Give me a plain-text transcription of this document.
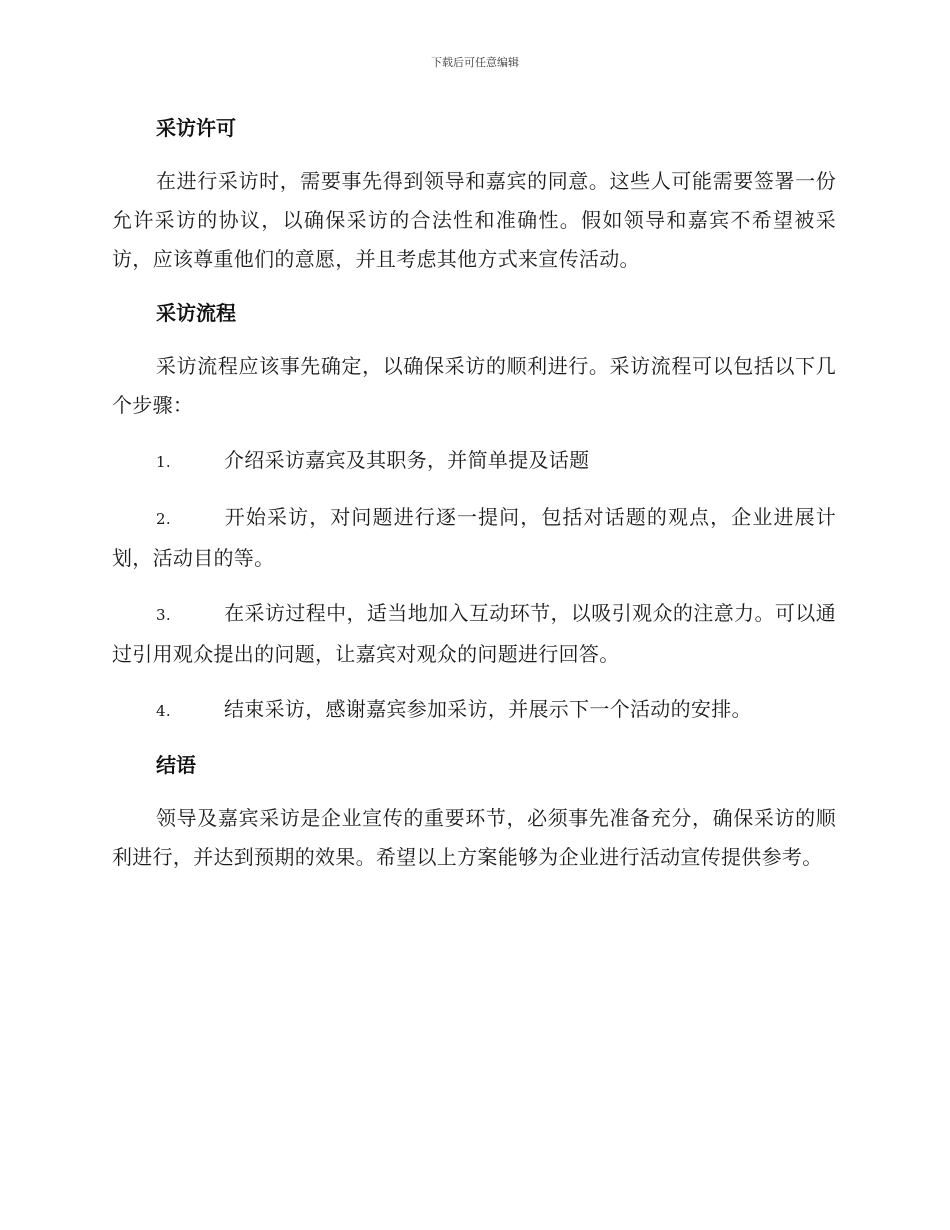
下载后可任意编辑
采访许可

在进行采访时，需要事先得到领导和嘉宾的同意。这些人可能需要签署一份允许采访的协议，以确保采访的合法性和准确性。假如领导和嘉宾不希望被采访，应该尊重他们的意愿，并且考虑其他方式来宣传活动。

采访流程

采访流程应该事先确定，以确保采访的顺利进行。采访流程可以包括以下几个步骤：

1.	介绍采访嘉宾及其职务，并简单提及话题

2.	开始采访，对问题进行逐一提问，包括对话题的观点，企业进展计划，活动目的等。

3.	在采访过程中，适当地加入互动环节，以吸引观众的注意力。可以通过引用观众提出的问题，让嘉宾对观众的问题进行回答。

4.	结束采访，感谢嘉宾参加采访，并展示下一个活动的安排。

结语

领导及嘉宾采访是企业宣传的重要环节，必须事先准备充分，确保采访的顺利进行，并达到预期的效果。希望以上方案能够为企业进行活动宣传提供参考。
